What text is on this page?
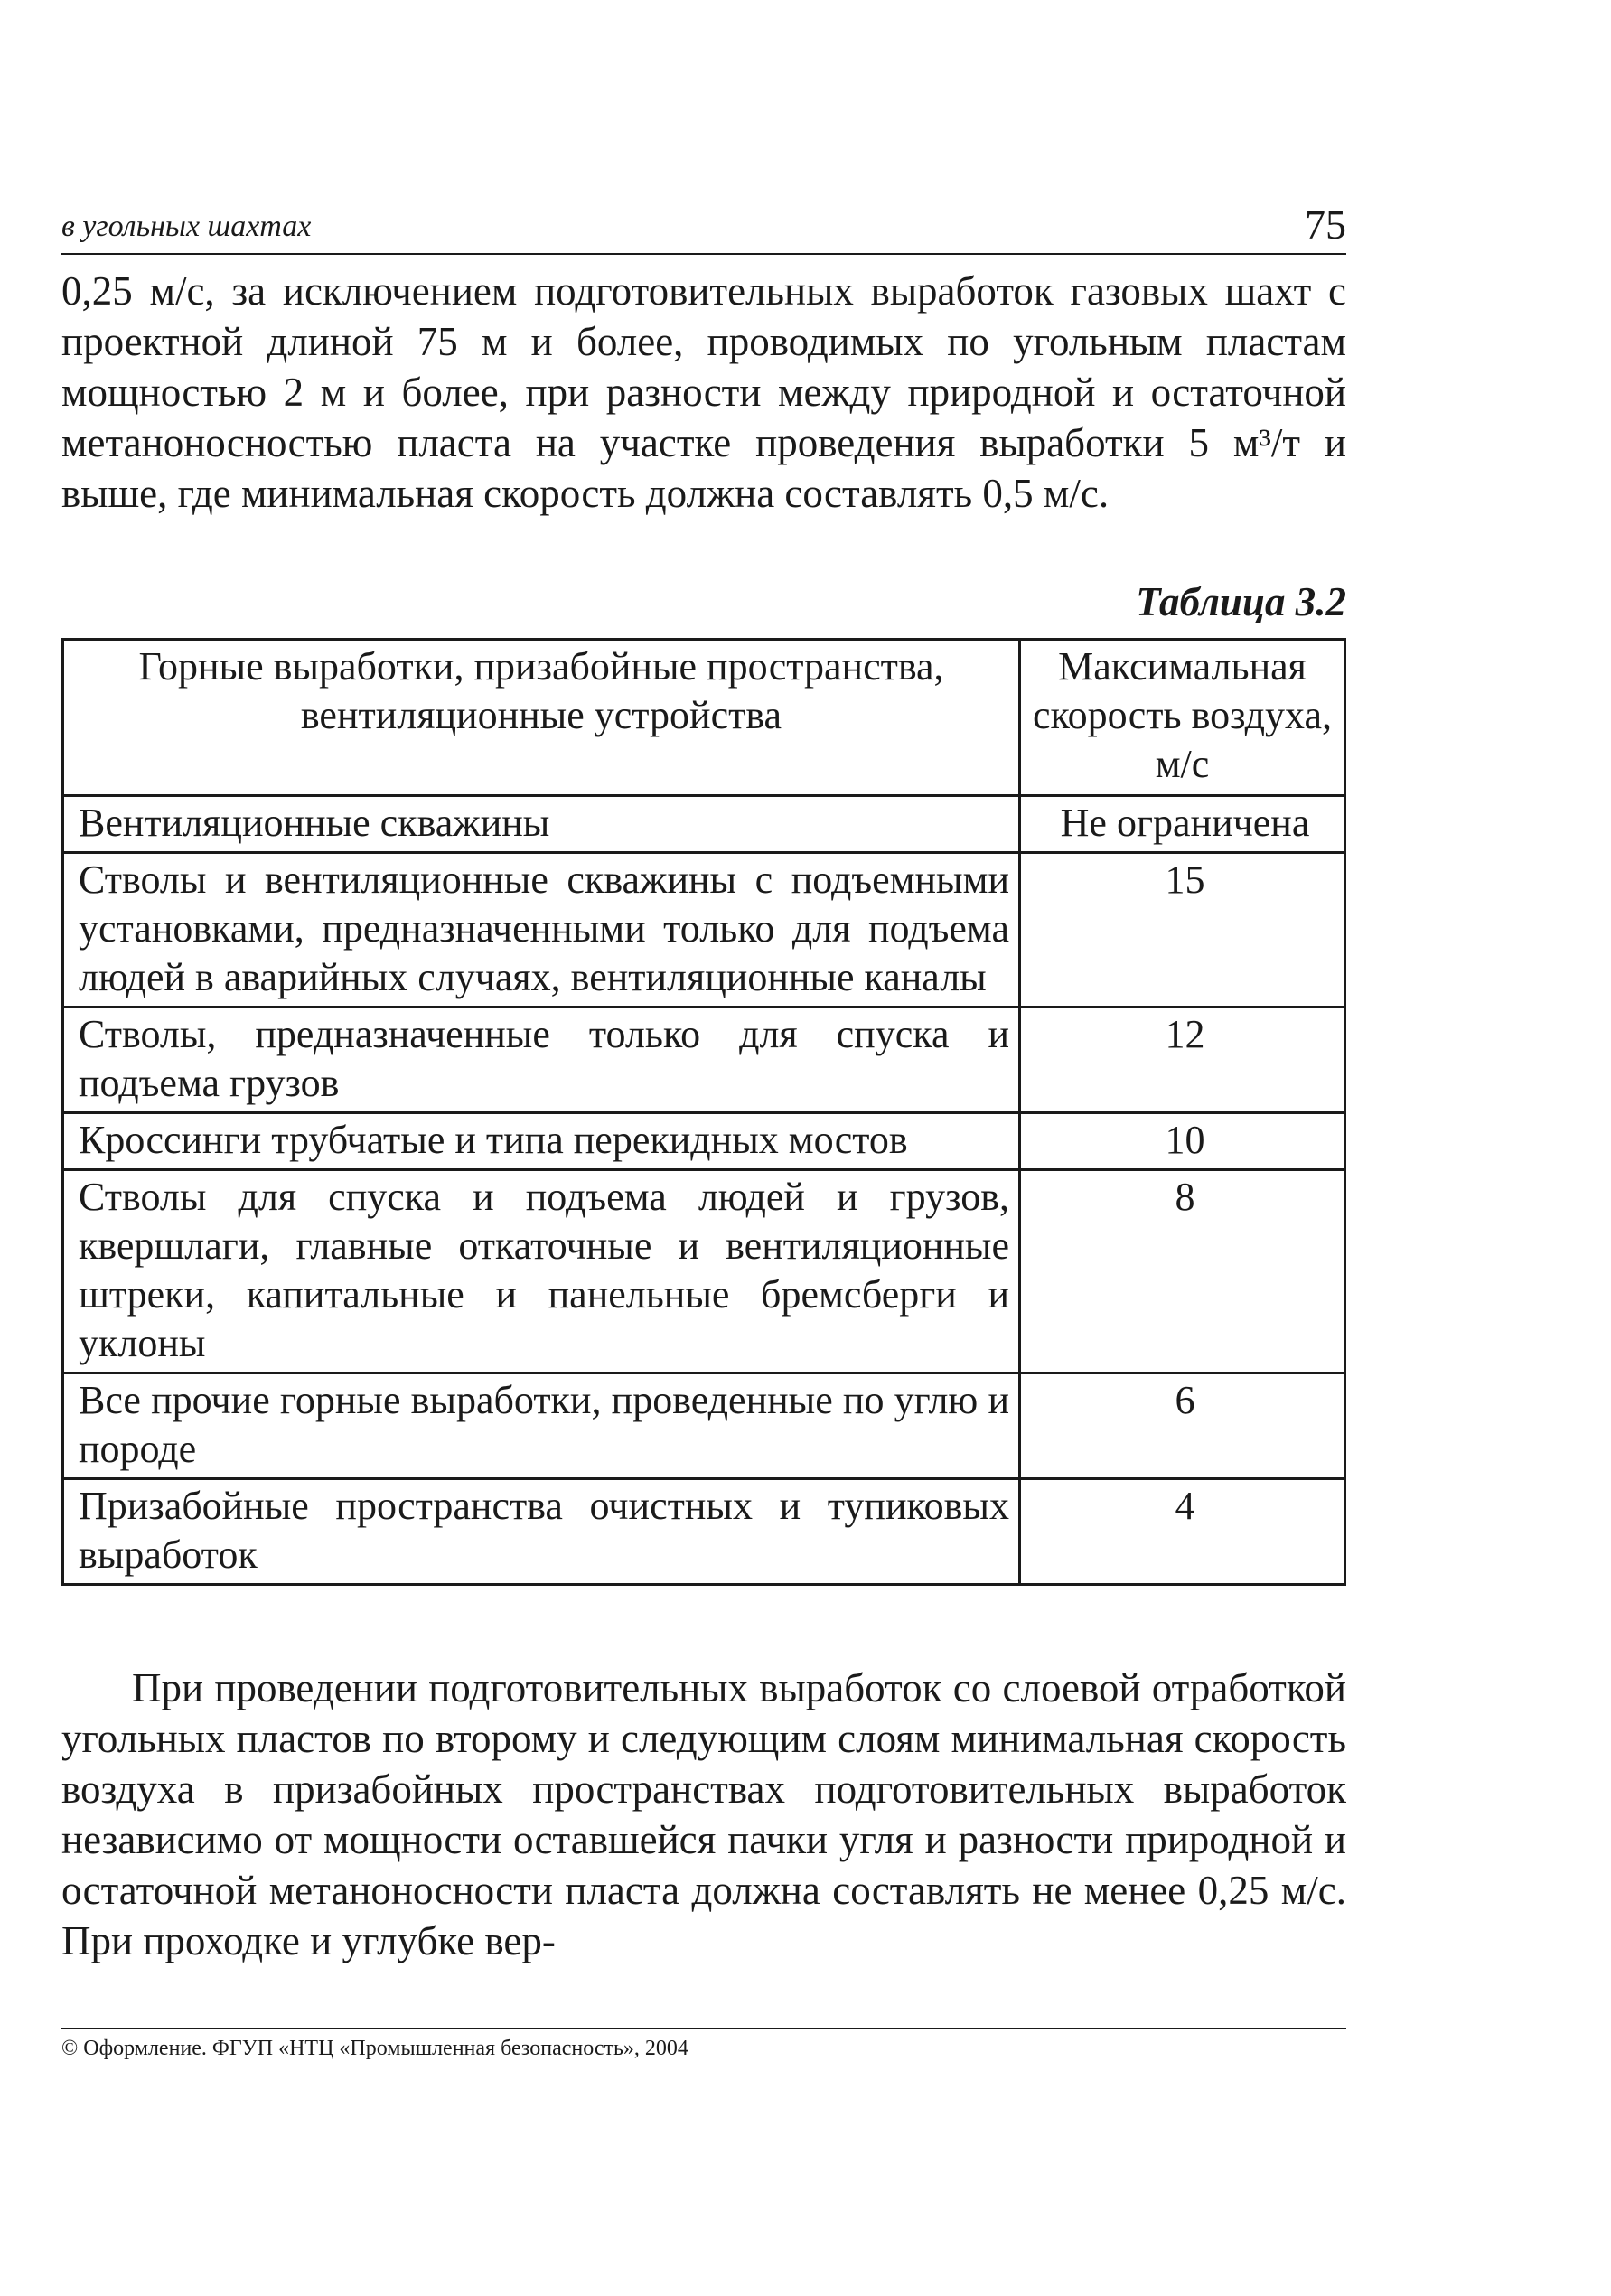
в угольных шахтах	75

0,25 м/с, за исключением подготовительных выработок газовых шахт с проектной длиной 75 м и более, проводимых по угольным пластам мощностью 2 м и более, при разности между природной и остаточной метаноносностью пласта на участке проведения выработки 5 м³/т и выше, где минимальная скорость должна составлять 0,5 м/с.

Таблица 3.2
Горные выработки, призабойные пространства, вентиляционные устройства	Максимальная скорость воздуха, м/с
Вентиляционные скважины	Не ограничена
Стволы и вентиляционные скважины с подъемными установками, предназначенными только для подъема людей в аварийных случаях, вентиляционные каналы	15
Стволы, предназначенные только для спуска и подъема грузов	12
Кроссинги трубчатые и типа перекидных мостов	10
Стволы для спуска и подъема людей и грузов, квершлаги, главные откаточные и вентиляционные штреки, капитальные и панельные бремсберги и уклоны	8
Все прочие горные выработки, проведенные по углю и породе	6
Призабойные пространства очистных и тупиковых выработок	4

При проведении подготовительных выработок со слоевой отработкой угольных пластов по второму и следующим слоям минимальная скорость воздуха в призабойных пространствах подготовительных выработок независимо от мощности оставшейся пачки угля и разности природной и остаточной метаноносности пласта должна составлять не менее 0,25 м/с. При проходке и углубке вер-

© Оформление. ФГУП «НТЦ «Промышленная безопасность», 2004
